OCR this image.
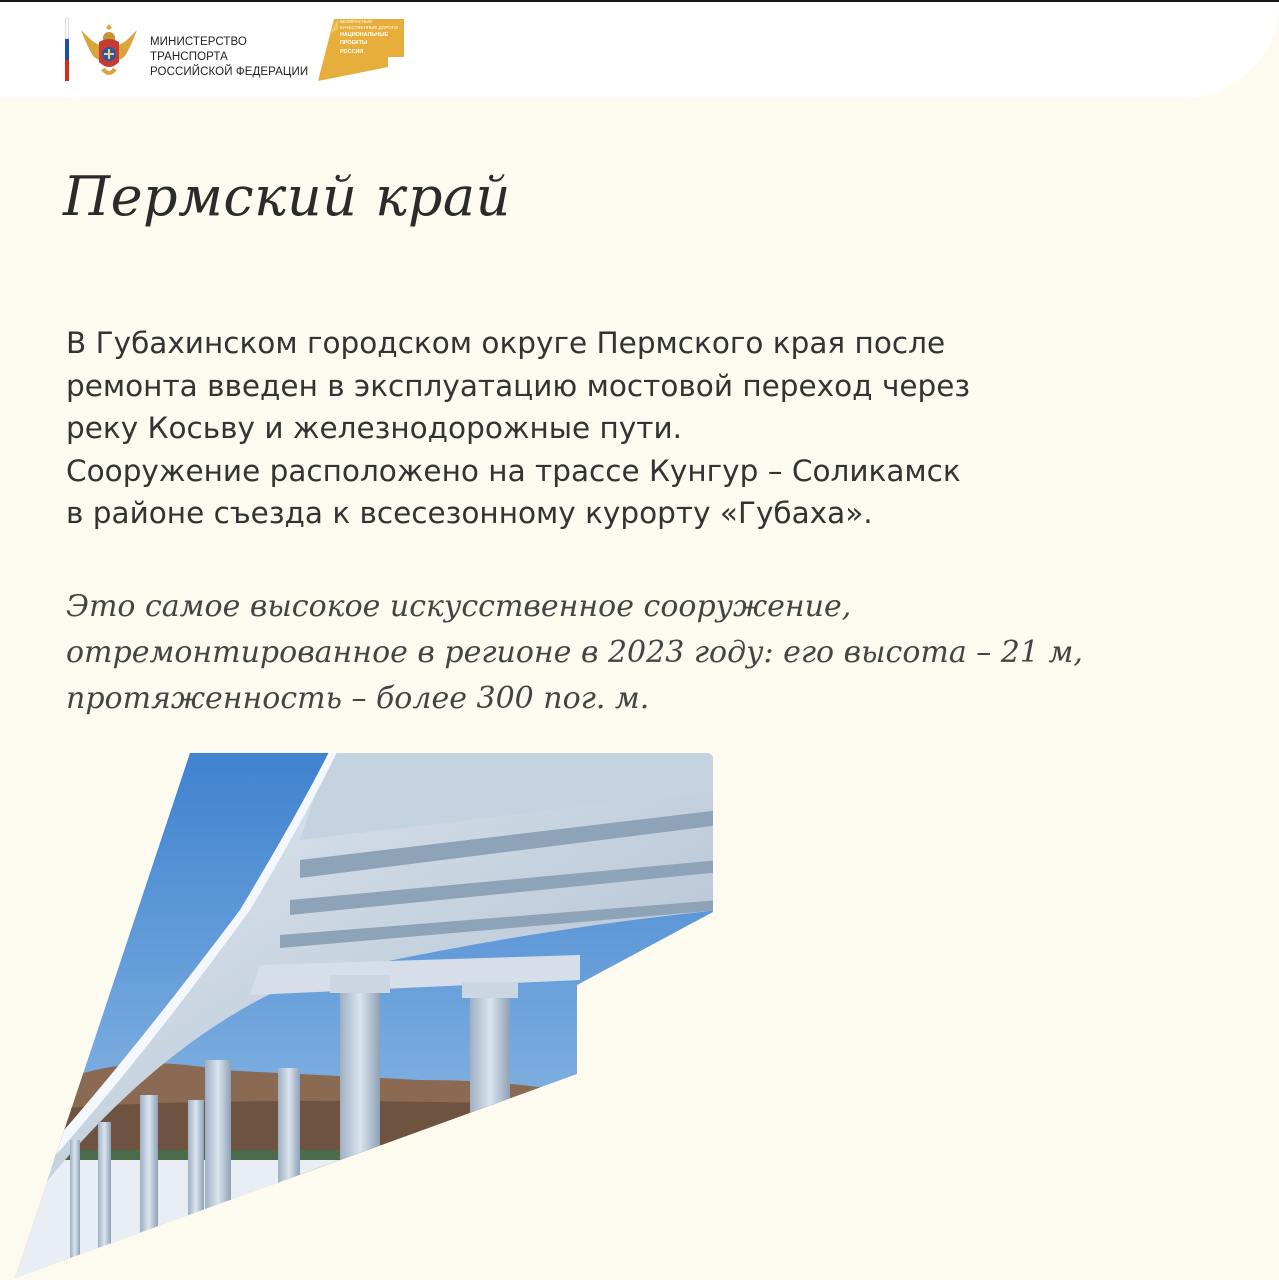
МИНИСТЕРСТВО ТРАНСПОРТА
РОССИЙСКОЙ ФЕДЕРАЦИИ
БЕЗОПАСНЫЕ
КАЧЕСТВЕННЫЕ ДОРОГИ
НАЦИОНАЛЬНЫЕ
ПРОЕКТЫ
РОССИИ
Пермский край
В Губахинском городском округе Пермского края после
ремонта введен в эксплуатацию мостовой переход через
реку Косьву и железнодорожные пути.
Сооружение расположено на трассе Кунгур – Соликамск
в районе съезда к всесезонному курорту «Губаха».
Это самое высокое искусственное сооружение,
отремонтированное в регионе в 2023 году: его высота – 21 м,
протяженность – более 300 пог. м.
